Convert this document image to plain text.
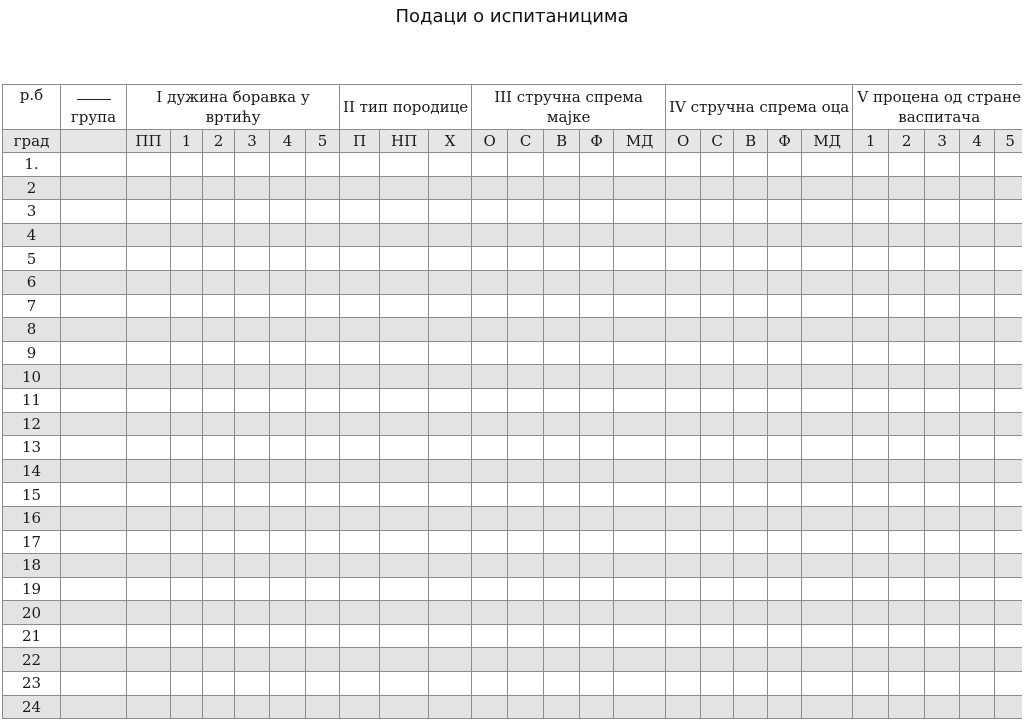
Подаци о испитаницима
р.б	група	I дужина боравка у вртићу						II тип породице			III стручна спрема мајке					IV стручна спрема оца					V процена од стране васпитача				
град		ПП	1	2	3	4	5	П	НП	Х	О	С	В	Ф	МД	О	С	В	Ф	МД	1	2	3	4	5
1.																									
2																									
3																									
4																									
5																									
6																									
7																									
8																									
9																									
10																									
11																									
12																									
13																									
14																									
15																									
16																									
17																									
18																									
19																									
20																									
21																									
22																									
23																									
24																									
